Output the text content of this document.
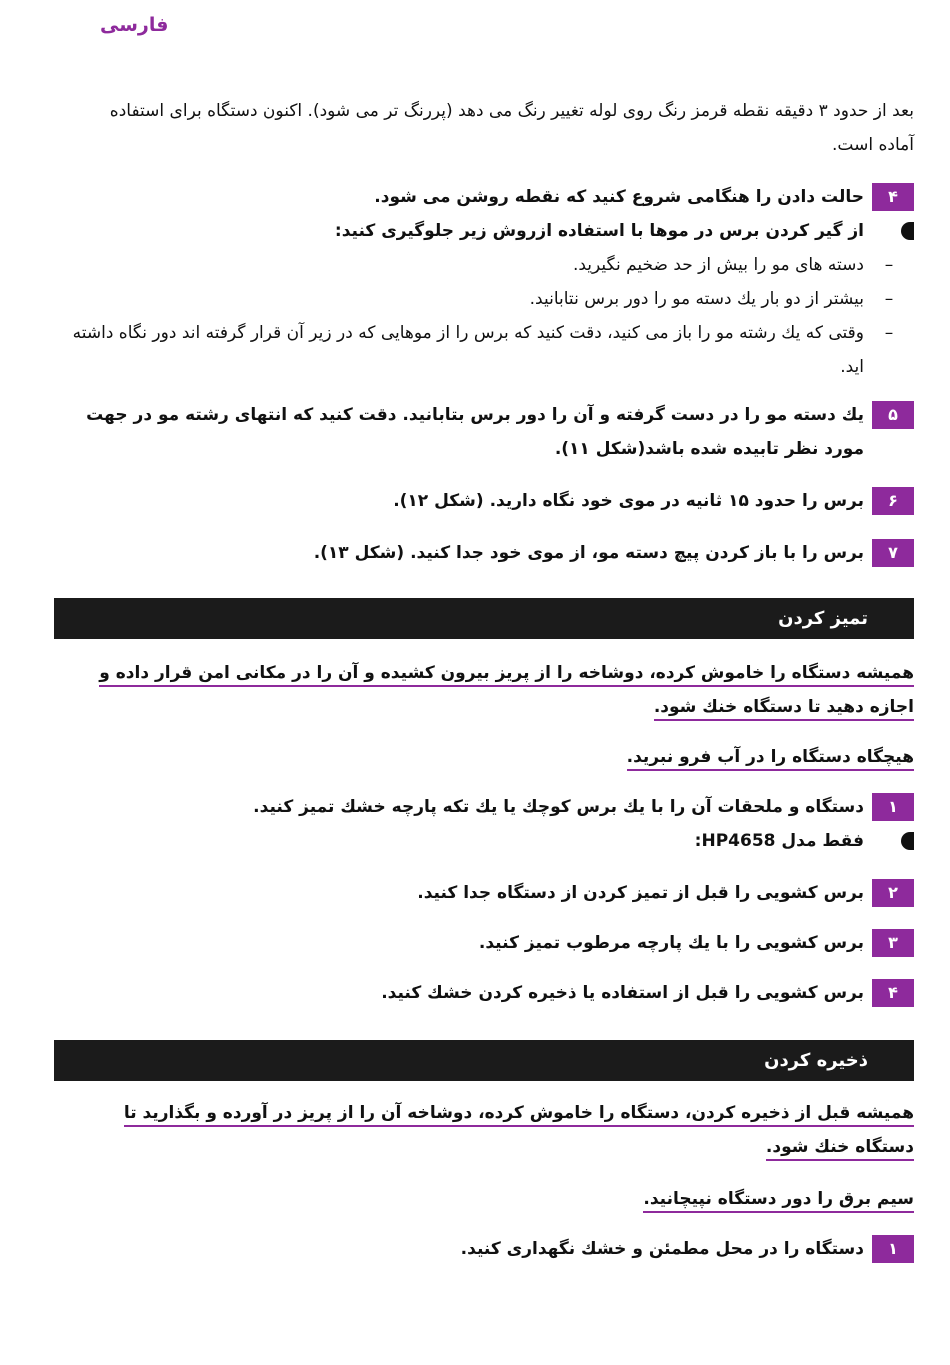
فارسی
بعد از حدود ۳ دقیقه نقطه قرمز رنگ روی لوله تغییر رنگ می دهد (پررنگ تر می شود). اکنون دستگاه برای استفاده آماده است.
۴
حالت دادن را هنگامی شروع کنید که نقطه روشن می شود.
از گیر کردن برس در موها با استفاده ازروش زیر جلوگیری کنید:
–
دسته های مو را بیش از حد ضخیم نگیرید.
–
بیشتر از دو بار یك دسته مو را دور برس نتابانید.
–
وقتی که یك رشته مو را باز می کنید، دقت کنید که برس را از موهایی که در زیر آن قرار گرفته اند دور نگاه داشته اید.
۵
یك دسته مو را در دست گرفته و آن را دور برس بتابانید. دقت کنید که انتهای رشته مو در جهت مورد نظر تابیده شده باشد(شکل ۱۱).
۶
برس را حدود ۱۵ ثانیه در موی خود نگاه دارید. (شکل ۱۲).
۷
برس را با باز کردن پیچ دسته مو، از موی خود جدا کنید. (شکل ۱۳).
تمیز کردن
همیشه دستگاه را خاموش کرده، دوشاخه را از پریز بیرون کشیده و آن را در مکانی امن قرار داده و اجازه دهید تا دستگاه خنك شود.
هیچگاه دستگاه را در آب فرو نبرید.
۱
دستگاه و ملحقات آن را با یك برس کوچك یا یك تکه پارچه خشك تمیز کنید.
فقط مدل HP4658:
۲
برس کشویی را قبل از تمیز کردن از دستگاه جدا کنید.
۳
برس کشویی را با یك پارچه مرطوب تمیز کنید.
۴
برس کشویی را قبل از استفاده یا ذخیره کردن خشك کنید.
ذخیره کردن
همیشه قبل از ذخیره کردن، دستگاه را خاموش کرده، دوشاخه آن را از پریز در آورده و بگذارید تا دستگاه خنك شود.
سیم برق را دور دستگاه نپیچانید.
۱
دستگاه را در محل مطمئن و خشك نگهداری کنید.
